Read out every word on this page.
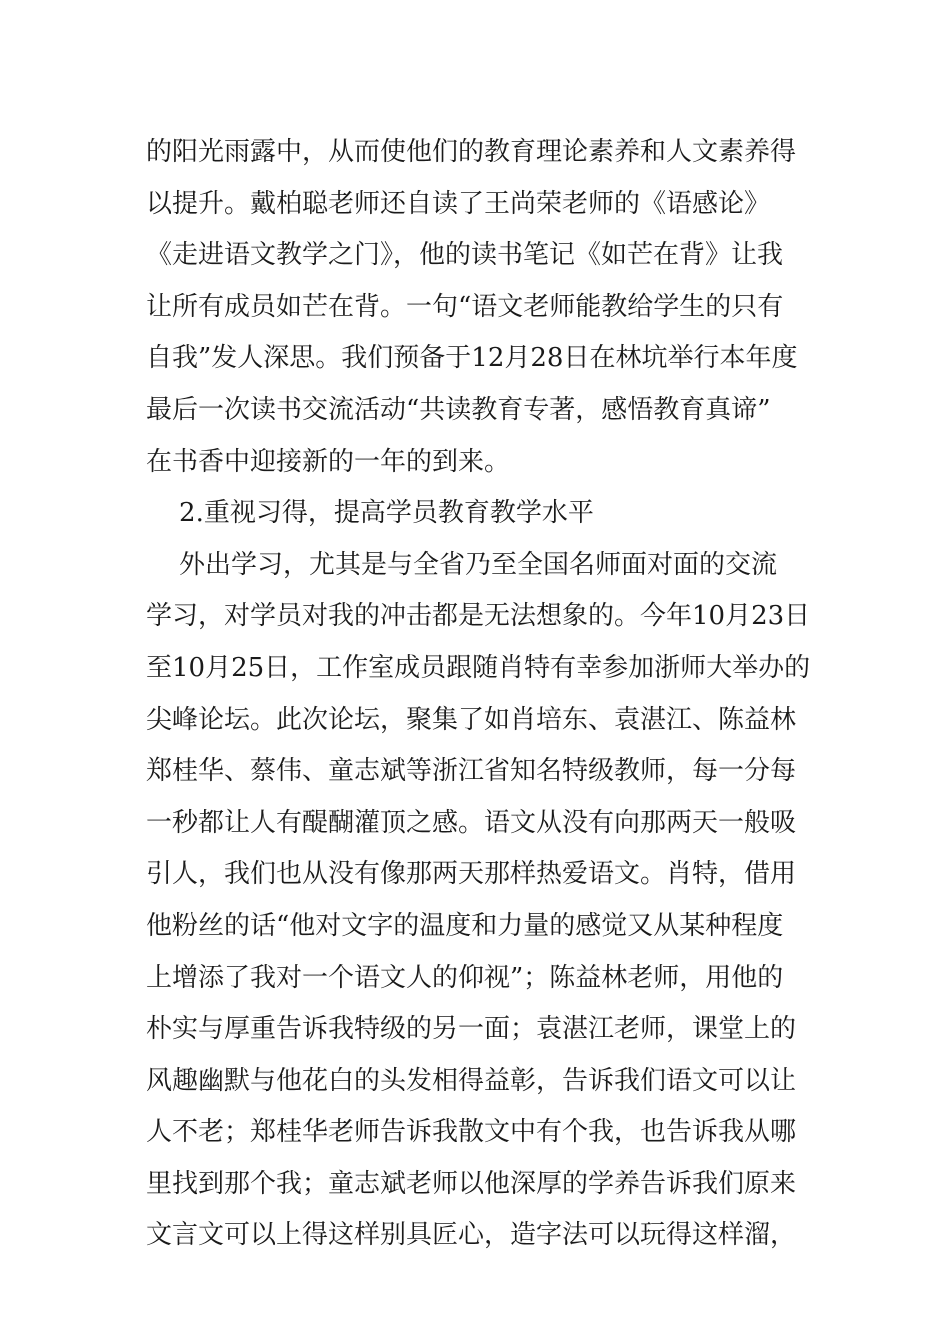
的阳光雨露中，从而使他们的教育理论素养和人文素养得
以提升。戴柏聪老师还自读了王尚荣老师的《语感论》
《走进语文教学之门》，他的读书笔记《如芒在背》让我
让所有成员如芒在背。一句“语文老师能教给学生的只有
自我”发人深思。我们预备于12月28日在林坑举行本年度
最后一次读书交流活动“共读教育专著，感悟教育真谛”
在书香中迎接新的一年的到来。
2.重视习得，提高学员教育教学水平
外出学习，尤其是与全省乃至全国名师面对面的交流
学习，对学员对我的冲击都是无法想象的。今年10月23日
至10月25日，工作室成员跟随肖特有幸参加浙师大举办的
尖峰论坛。此次论坛，聚集了如肖培东、袁湛江、陈益林
郑桂华、蔡伟、童志斌等浙江省知名特级教师，每一分每
一秒都让人有醍醐灌顶之感。语文从没有向那两天一般吸
引人，我们也从没有像那两天那样热爱语文。肖特，借用
他粉丝的话“他对文字的温度和力量的感觉又从某种程度
上增添了我对一个语文人的仰视”；陈益林老师，用他的
朴实与厚重告诉我特级的另一面；袁湛江老师，课堂上的
风趣幽默与他花白的头发相得益彰，告诉我们语文可以让
人不老；郑桂华老师告诉我散文中有个我，也告诉我从哪
里找到那个我；童志斌老师以他深厚的学养告诉我们原来
文言文可以上得这样别具匠心，造字法可以玩得这样溜，
